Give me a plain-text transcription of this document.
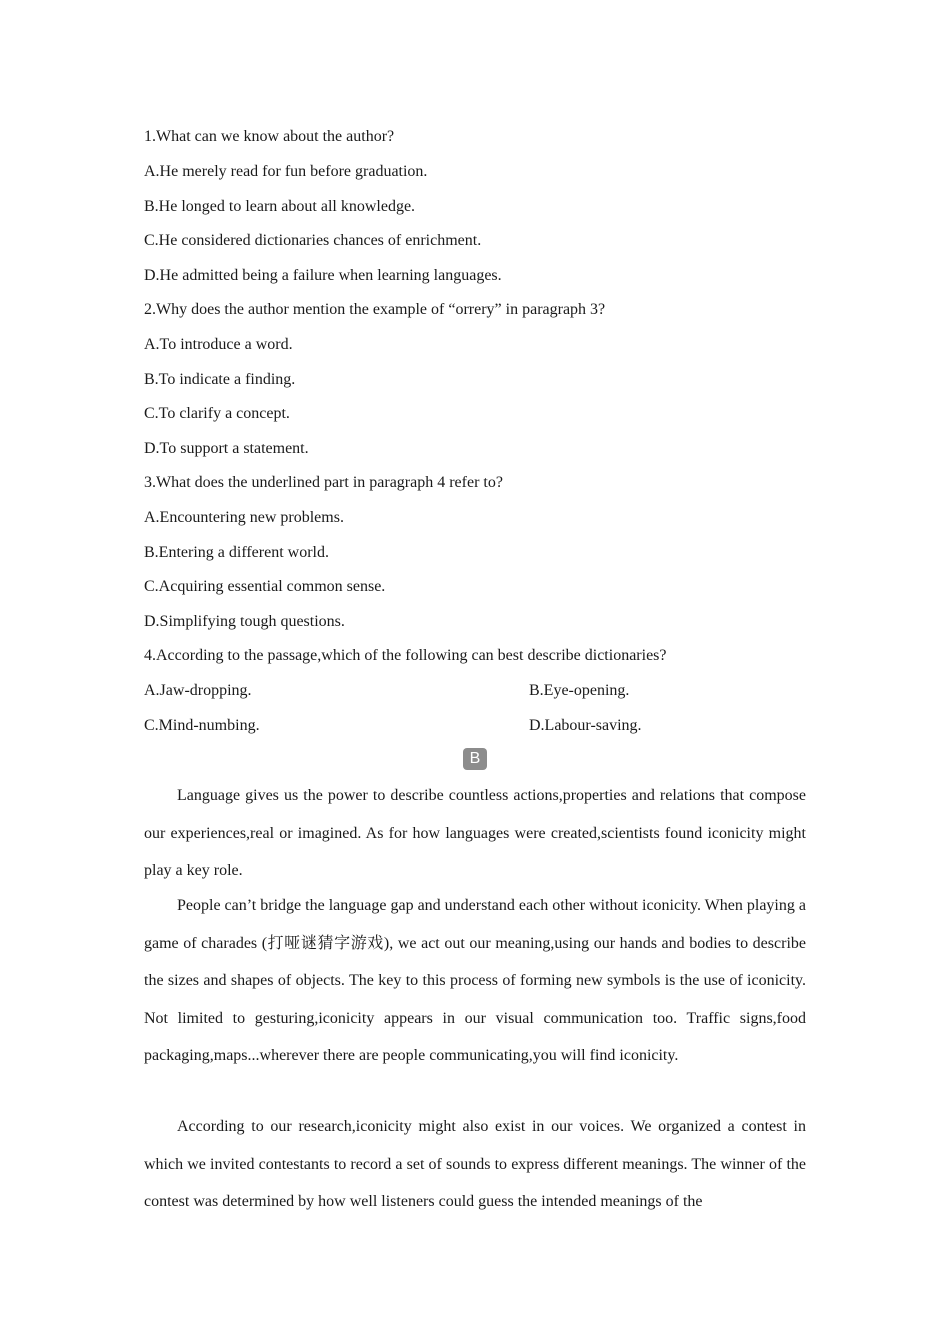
1.What can we know about the author?
A.He merely read for fun before graduation.
B.He longed to learn about all knowledge.
C.He considered dictionaries chances of enrichment.
D.He admitted being a failure when learning languages.
2.Why does the author mention the example of “orrery” in paragraph 3?
A.To introduce a word.
B.To indicate a finding.
C.To clarify a concept.
D.To support a statement.
3.What does the underlined part in paragraph 4 refer to?
A.Encountering new problems.
B.Entering a different world.
C.Acquiring essential common sense.
D.Simplifying tough questions.
4.According to the passage,which of the following can best describe dictionaries?
A.Jaw-dropping.	B.Eye-opening.
C.Mind-numbing.	D.Labour-saving.
B
Language gives us the power to describe countless actions,properties and relations that compose our experiences,real or imagined. As for how languages were created,scientists found iconicity might play a key role.
People can’t bridge the language gap and understand each other without iconicity. When playing a game of charades (打哑谜猜字游戏), we act out our meaning,using our hands and bodies to describe the sizes and shapes of objects. The key to this process of forming new symbols is the use of iconicity. Not limited to gesturing,iconicity appears in our visual communication too. Traffic signs,food packaging,maps...wherever there are people communicating,you will find iconicity.
According to our research,iconicity might also exist in our voices. We organized a contest in which we invited contestants to record a set of sounds to express different meanings. The winner of the contest was determined by how well listeners could guess the intended meanings of the
